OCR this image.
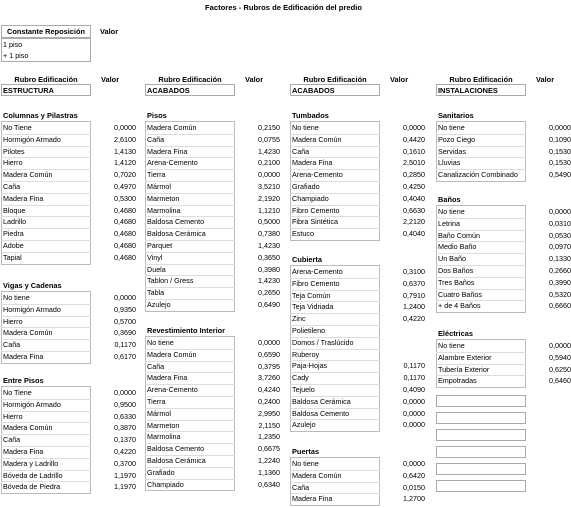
Factores - Rubros de Edificación del predio
Constante Reposición	Valor
1 piso
+ 1 piso
Rubro Edificación	Valor
ESTRUCTURA
Columnas y Pilastras
No Tiene	0,0000
Hormigón Armado	2,6100
Pilotes	1,4130
Hierro	1,4120
Madera Común	0,7020
Caña	0,4970
Madera Fina	0,5300
Bloque	0,4680
Ladrillo	0,4680
Piedra	0,4680
Adobe	0,4680
Tapial	0,4680
Vigas y Cadenas
No tiene	0,0000
Hormigón Armado	0,9350
Hierro	0,5700
Madera Común	0,3690
Caña	0,1170
Madera Fina	0,6170
Entre Pisos
No Tiene	0,0000
Hormigón Armado	0,9500
Hierro	0,6330
Madera Común	0,3870
Caña	0,1370
Madera Fina	0,4220
Madera y Ladrillo	0,3700
Bóveda de Ladrillo	1,1970
Bóveda de Piedra	1,1970
Rubro Edificación	Valor
ACABADOS
Pisos
Madera Común	0,2150
Caña	0,0755
Madera Fina	1,4230
Arena-Cemento	0,2100
Tierra	0,0000
Mármol	3,5210
Marmeton	2,1920
Marmolina	1,1210
Baldosa Cemento	0,5000
Baldosa Cerámica	0,7380
Parquet	1,4230
Vinyl	0,3650
Duela	0,3980
Tablon / Gress	1,4230
Tabla	0,2650
Azulejo	0,6490
Revestimiento Interior
No tiene	0,0000
Madera Común	0,6590
Caña	0,3795
Madera Fina	3,7260
Arena-Cemento	0,4240
Tierra	0,2400
Mármol	2,9950
Marmeton	2,1150
Marmolina	1,2350
Baldosa Cemento	0,6675
Baldosa Cerámica	1,2240
Grafiado	1,1360
Champiado	0,6340
Rubro Edificación	Valor
ACABADOS
Tumbados
No tiene	0,0000
Madera Común	0,4420
Caña	0,1610
Madera Fina	2,5010
Arena-Cemento	0,2850
Grafiado	0,4250
Champiado	0,4040
Fibro Cemento	0,6630
Fibra Sintética	2,2120
Estuco	0,4040
Cubierta
Arena-Cemento	0,3100
Fibro Cemento	0,6370
Teja Común	0,7910
Teja Vidriada	1,2400
Zinc	0,4220
Polietileno
Domos / Traslúcido
Ruberoy
Paja-Hojas	0,1170
Cady	0,1170
Tejuelo	0,4090
Baldosa Cerámica	0,0000
Baldosa Cemento	0,0000
Azulejo	0,0000
Puertas
No tiene	0,0000
Madera Común	0,6420
Caña	0,0150
Madera Fina	1,2700
Rubro Edificación	Valor
INSTALACIONES
Sanitarios
No tiene	0,0000
Pozo Ciego	0,1090
Servidas	0,1530
Lluvias	0,1530
Canalización Combinado	0,5490
Baños
No tiene	0,0000
Letrina	0,0310
Baño Común	0,0530
Medio Baño	0,0970
Un Baño	0,1330
Dos Baños	0,2660
Tres Baños	0,3990
Cuatro Baños	0,5320
+ de 4 Baños	0,6660
Eléctricas
No tiene	0,0000
Alambre Exterior	0,5940
Tubería Exterior	0,6250
Empotradas	0,6460
